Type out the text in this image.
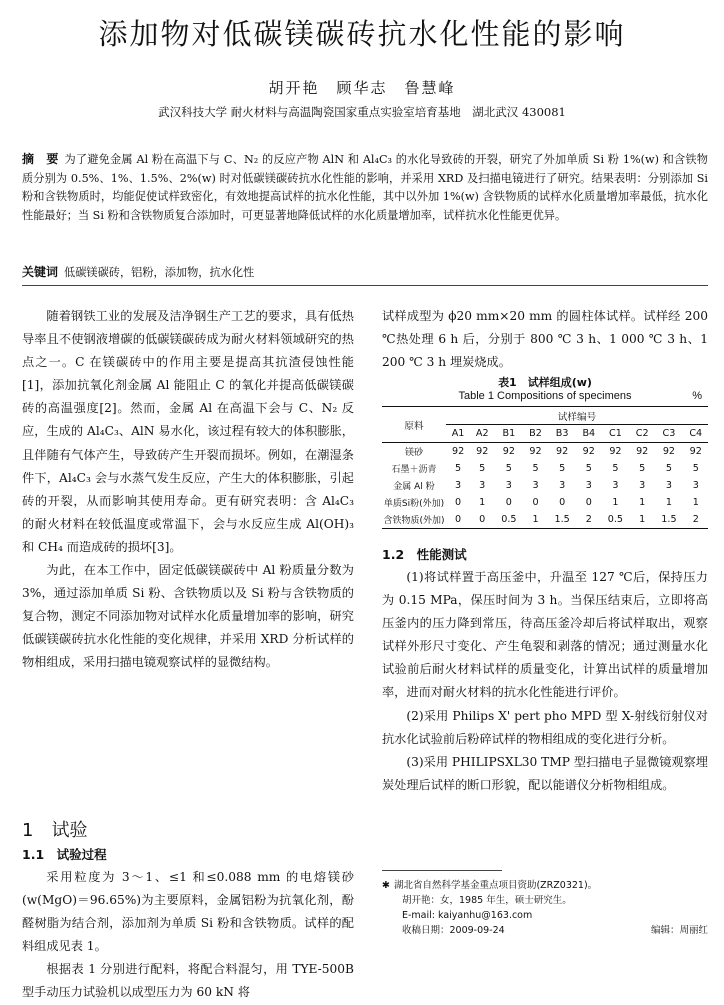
添加物对低碳镁碳砖抗水化性能的影响
胡开艳　顾华志　鲁慧峰
武汉科技大学 耐火材料与高温陶瓷国家重点实验室培育基地　湖北武汉 430081
摘　要 为了避免金属 Al 粉在高温下与 C、N₂ 的反应产物 AlN 和 Al₄C₃ 的水化导致砖的开裂，研究了外加单质 Si 粉 1%(w) 和含铁物质分别为 0.5%、1%、1.5%、2%(w) 时对低碳镁碳砖抗水化性能的影响，并采用 XRD 及扫描电镜进行了研究。结果表明：分别添加 Si 粉和含铁物质时，均能促使试样致密化，有效地提高试样的抗水化性能，其中以外加 1%(w) 含铁物质的试样水化质量增加率最低，抗水化性能最好；当 Si 粉和含铁物质复合添加时，可更显著地降低试样的水化质量增加率，试样抗水化性能更优异。
关键词 低碳镁碳砖，铝粉，添加物，抗水化性

随着钢铁工业的发展及洁净钢生产工艺的要求，具有低热导率且不使钢液增碳的低碳镁碳砖成为耐火材料领域研究的热点之一。C 在镁碳砖中的作用主要是提高其抗渣侵蚀性能[1]，添加抗氧化剂金属 Al 能阻止 C 的氧化并提高低碳镁碳砖的高温强度[2]。然而，金属 Al 在高温下会与 C、N₂ 反应，生成的 Al₄C₃、AlN 易水化，该过程有较大的体积膨胀，且伴随有气体产生，导致砖产生开裂而损坏。例如，在潮湿条件下，Al₄C₃ 会与水蒸气发生反应，产生大的体积膨胀，引起砖的开裂，从而影响其使用寿命。更有研究表明：含 Al₄C₃ 的耐火材料在较低温度或常温下，会与水反应生成 Al(OH)₃ 和 CH₄ 而造成砖的损坏[3]。

为此，在本工作中，固定低碳镁碳砖中 Al 粉质量分数为 3%，通过添加单质 Si 粉、含铁物质以及 Si 粉与含铁物质的复合物，测定不同添加物对试样水化质量增加率的影响，研究低碳镁碳砖抗水化性能的变化规律，并采用 XRD 分析试样的物相组成，采用扫描电镜观察试样的显微结构。

1　试验
1.1　试验过程

采用粒度为 3～1、≤1 和≤0.088 mm 的电熔镁砂(w(MgO)＝96.65%)为主要原料，金属铝粉为抗氧化剂，酚醛树脂为结合剂，添加剂为单质 Si 粉和含铁物质。试样的配料组成见表 1。

根据表 1 分别进行配料，将配合料混匀，用 TYE-500B型手动压力试验机以成型压力为 60 kN 将

试样成型为 ϕ20 mm×20 mm 的圆柱体试样。试样经 200 ℃热处理 6 h 后，分别于 800 ℃ 3 h、1 000 ℃ 3 h、1 200 ℃ 3 h 埋炭烧成。

表1　试样组成(w)
Table 1 Compositions of specimens	%
原料	试样编号									
	A1	A2	B1	B2	B3	B4	C1	C2	C3	C4
镁砂	92	92	92	92	92	92	92	92	92	92
石墨＋沥青	5	5	5	5	5	5	5	5	5	5
金属 Al 粉	3	3	3	3	3	3	3	3	3	3
单质Si粉(外加)	0	1	0	0	0	0	1	1	1	1
含铁物质(外加)	0	0	0.5	1	1.5	2	0.5	1	1.5	2
1.2　性能测试

(1)将试样置于高压釜中，升温至 127 ℃后，保持压力为 0.15 MPa，保压时间为 3 h。当保压结束后，立即将高压釜内的压力降到常压，待高压釜冷却后将试样取出，观察试样外形尺寸变化、产生龟裂和剥落的情况；通过测量水化试验前后耐火材料试样的质量变化，计算出试样的质量增加率，进而对耐火材料的抗水化性能进行评价。

(2)采用 Philips X' pert pho MPD 型 X-射线衍射仪对抗水化试验前后粉碎试样的物相组成的变化进行分析。

(3)采用 PHILIPSXL30 TMP 型扫描电子显微镜观察埋炭处理后试样的断口形貌，配以能谱仪分析物相组成。

✱ 湖北省自然科学基金重点项目资助(ZRZ0321)。
胡开艳：女，1985 年生，硕士研究生。
E-mail: kaiyanhu@163.com
收稿日期：2009-09-24	编辑：周丽红
